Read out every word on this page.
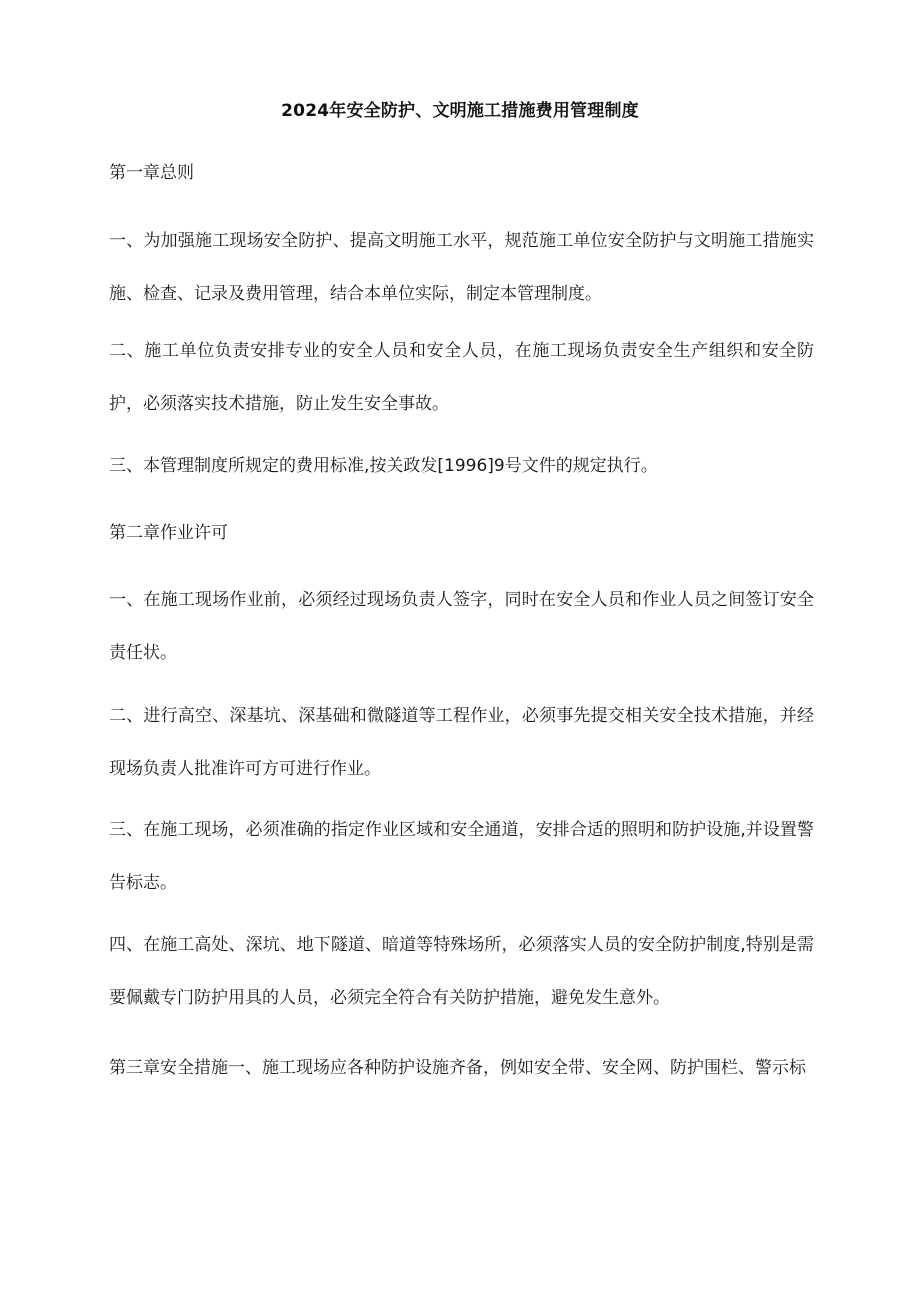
2024年安全防护、文明施工措施费用管理制度
第一章总则
一、为加强施工现场安全防护、提高文明施工水平，规范施工单位安全防护与文明施工措施实施、检查、记录及费用管理，结合本单位实际，制定本管理制度。
二、施工单位负责安排专业的安全人员和安全人员，在施工现场负责安全生产组织和安全防护，必须落实技术措施，防止发生安全事故。
三、本管理制度所规定的费用标准,按关政发[1996]9号文件的规定执行。
第二章作业许可
一、在施工现场作业前，必须经过现场负责人签字，同时在安全人员和作业人员之间签订安全责任状。
二、进行高空、深基坑、深基础和微隧道等工程作业，必须事先提交相关安全技术措施，并经现场负责人批准许可方可进行作业。
三、在施工现场，必须准确的指定作业区域和安全通道，安排合适的照明和防护设施,并设置警告标志。
四、在施工高处、深坑、地下隧道、暗道等特殊场所，必须落实人员的安全防护制度,特别是需要佩戴专门防护用具的人员，必须完全符合有关防护措施，避免发生意外。
第三章安全措施一、施工现场应各种防护设施齐备，例如安全带、安全网、防护围栏、警示标
